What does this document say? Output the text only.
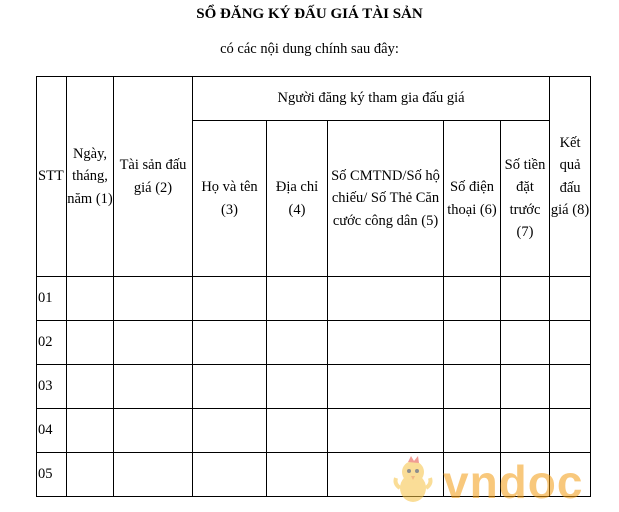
SỔ ĐĂNG KÝ ĐẤU GIÁ TÀI SẢN
có các nội dung chính sau đây:
STT	Ngày, tháng, năm (1)	Tài sản đấu giá (2)	Người đăng ký tham gia đấu giá					Kết quả đấu giá (8)
			Họ và tên (3)	Địa chỉ (4)	Số CMTND/Số hộ chiếu/ Số Thẻ Căn cước công dân (5)	Số điện thoại (6)	Số tiền đặt trước (7)	
01								
02								
03								
04								
05									vndoc
